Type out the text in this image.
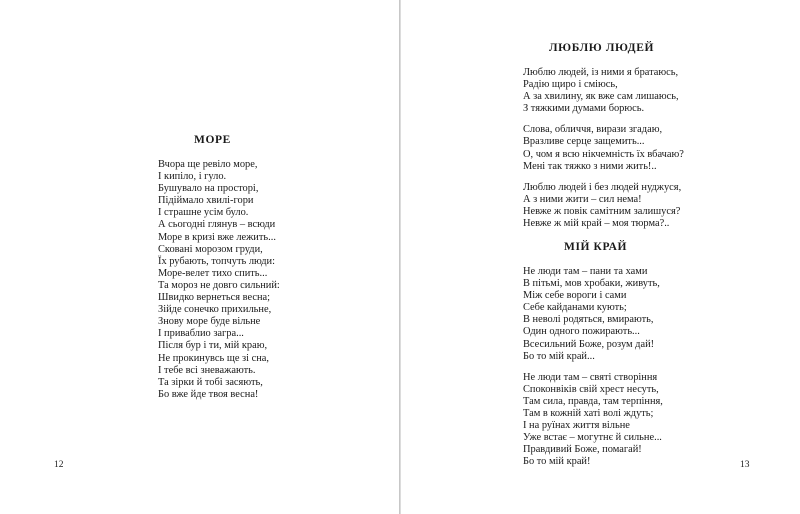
МОРЕ
Вчора ще ревіло море,
І кипіло, і гуло.
Бушувало на просторі,
Підіймало хвилі-гори
І страшне усім було.
А сьогодні глянув – всюди
Море в кризі вже лежить...
Сковані морозом груди,
Їх рубають, топчуть люди:
Море-велет тихо спить...
Та мороз не довго сильний:
Швидко вернеться весна;
Зійде сонечко прихильне,
Знову море буде вільне
І приваблио загра...
Після бур і ти, мій краю,
Не прокинувсь ще зі сна,
І тебе всі зневажають.
Та зірки й тобі засяють,
Бо вже йде твоя весна!
12
ЛЮБЛЮ ЛЮДЕЙ
Люблю людей, із ними я братаюсь,
Радію щиро і сміюсь,
А за хвилину, як вже сам лишаюсь,
З тяжкими думами борюсь.
Слова, обличчя, вирази згадаю,
Вразливе серце защемить...
О, чом я всю нікчемність їх вбачаю?
Мені так тяжко з ними жить!..
Люблю людей і без людей нуджуся,
А з ними жити – сил нема!
Невже ж повік самітним залишуся?
Невже ж мій край – моя тюрма?..
МІЙ КРАЙ
Не люди там – пани та хами
В пітьмі, мов хробаки, живуть,
Між себе вороги і сами
Себе кайданами кують;
В неволі родяться, вмирають,
Один одного пожирають...
Всесильний Боже, розум дай!
Бо то мій край...
Не люди там – святі створіння
Споконвіків свій хрест несуть,
Там сила, правда, там терпіння,
Там в кожній хаті волі ждуть;
І на руїнах життя вільне
Уже встає – могутнє й сильне...
Правдивий Боже, помагай!
Бо то мій край!	13
